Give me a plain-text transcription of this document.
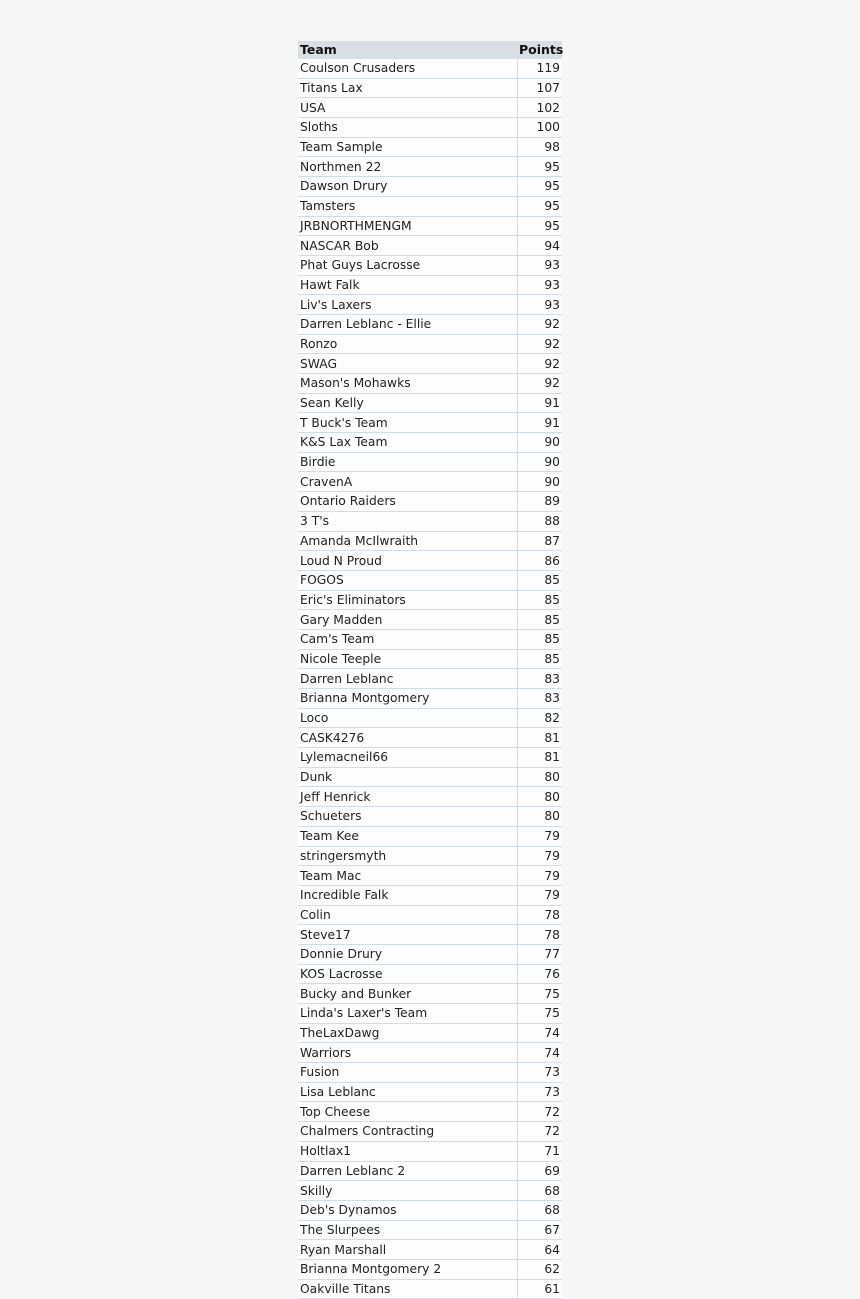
Team	Points
Coulson Crusaders	119
Titans Lax	107
USA	102
Sloths	100
Team Sample	98
Northmen 22	95
Dawson Drury	95
Tamsters	95
JRBNORTHMENGM	95
NASCAR Bob	94
Phat Guys Lacrosse	93
Hawt Falk	93
Liv's Laxers	93
Darren Leblanc - Ellie	92
Ronzo	92
SWAG	92
Mason's Mohawks	92
Sean Kelly	91
T Buck's Team	91
K&S Lax Team	90
Birdie	90
CravenA	90
Ontario Raiders	89
3 T's	88
Amanda McIlwraith	87
Loud N Proud	86
FOGOS	85
Eric's Eliminators	85
Gary Madden	85
Cam's Team	85
Nicole Teeple	85
Darren Leblanc	83
Brianna Montgomery	83
Loco	82
CASK4276	81
Lylemacneil66	81
Dunk	80
Jeff Henrick	80
Schueters	80
Team Kee	79
stringersmyth	79
Team Mac	79
Incredible Falk	79
Colin	78
Steve17	78
Donnie Drury	77
KOS Lacrosse	76
Bucky and Bunker	75
Linda's Laxer's Team	75
TheLaxDawg	74
Warriors	74
Fusion	73
Lisa Leblanc	73
Top Cheese	72
Chalmers Contracting	72
Holtlax1	71
Darren Leblanc 2	69
Skilly	68
Deb's Dynamos	68
The Slurpees	67
Ryan Marshall	64
Brianna Montgomery 2	62
Oakville Titans	61
